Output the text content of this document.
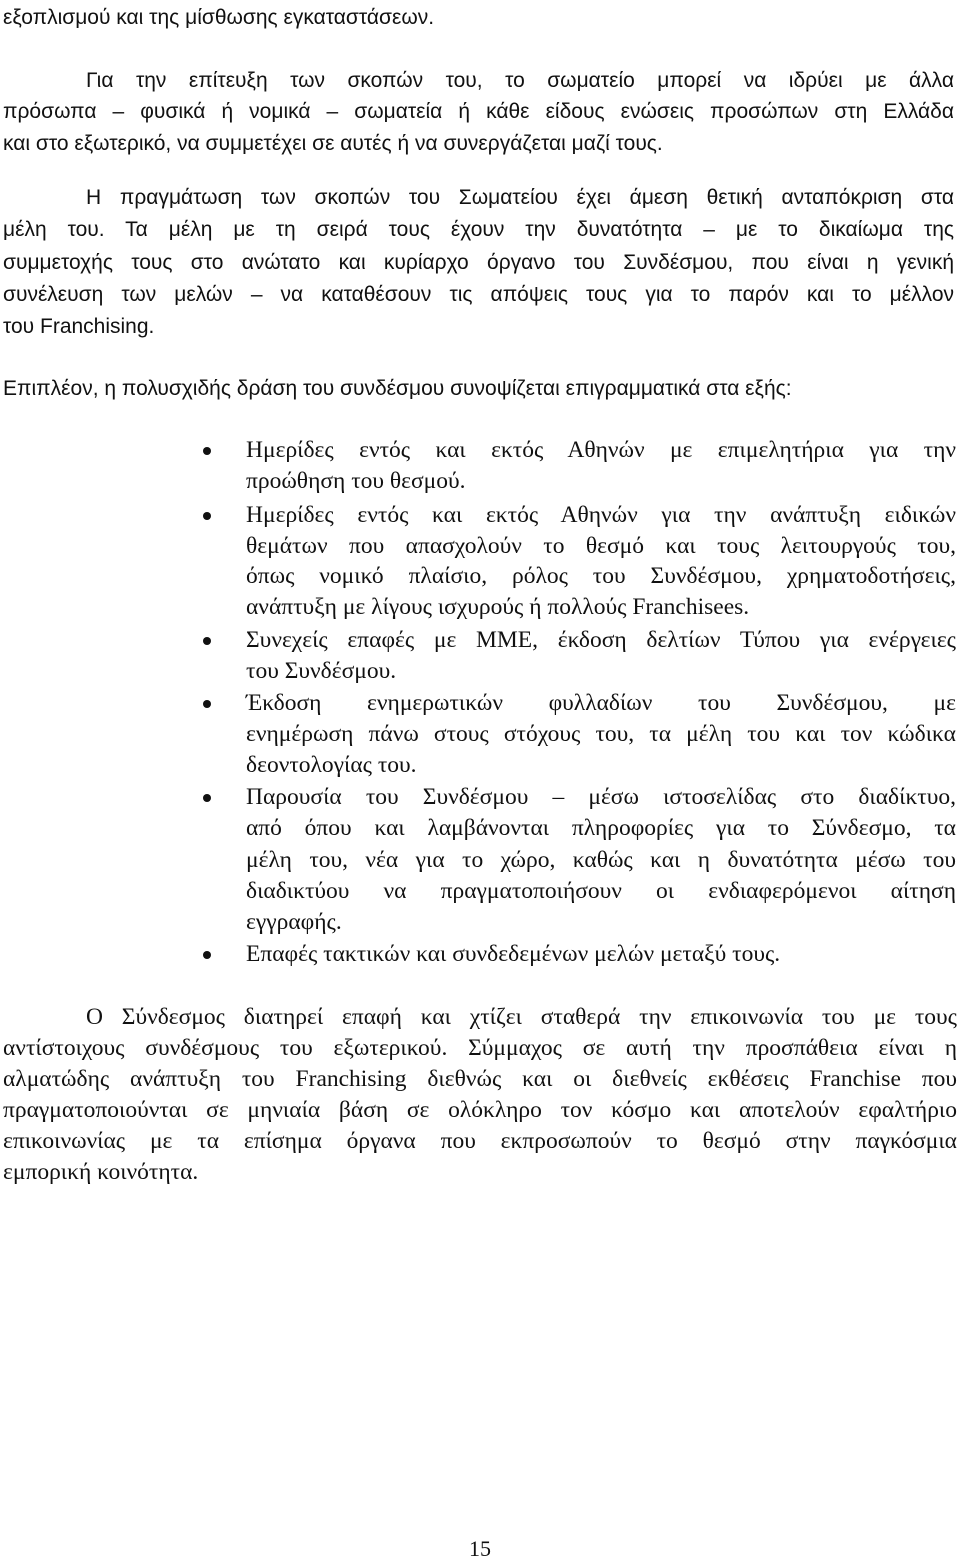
εξοπλισμού και της μίσθωσης εγκαταστάσεων.
Για την επίτευξη των σκοπών του, το σωματείο μπορεί να ιδρύει με άλλα
πρόσωπα – φυσικά ή νομικά – σωματεία ή κάθε είδους ενώσεις προσώπων στη Ελλάδα
και στο εξωτερικό, να συμμετέχει σε αυτές ή να συνεργάζεται μαζί τους.
Η πραγμάτωση των σκοπών του Σωματείου έχει άμεση θετική ανταπόκριση στα
μέλη του. Τα μέλη με τη σειρά τους έχουν την δυνατότητα – με το δικαίωμα της
συμμετοχής τους στο ανώτατο και κυρίαρχο όργανο του Συνδέσμου, που είναι η γενική
συνέλευση των μελών – να καταθέσουν τις απόψεις τους για το παρόν και το μέλλον
του Franchising.
Επιπλέον, η πολυσχιδής δράση του συνδέσμου συνοψίζεται επιγραμματικά στα εξής:
Ημερίδες εντός και εκτός Αθηνών με επιμελητήρια για την
προώθηση του θεσμού.
Ημερίδες εντός και εκτός Αθηνών για την ανάπτυξη ειδικών
θεμάτων που απασχολούν το θεσμό και τους λειτουργούς του,
όπως νομικό πλαίσιο, ρόλος του Συνδέσμου, χρηματοδοτήσεις,
ανάπτυξη με λίγους ισχυρούς ή πολλούς Franchisees.
Συνεχείς επαφές με ΜΜΕ, έκδοση δελτίων Τύπου για ενέργειες
του Συνδέσμου.
Έκδοση ενημερωτικών φυλλαδίων του Συνδέσμου, με
ενημέρωση πάνω στους στόχους του, τα μέλη του και τον κώδικα
δεοντολογίας του.
Παρουσία του Συνδέσμου – μέσω ιστοσελίδας στο διαδίκτυο,
από όπου και λαμβάνονται πληροφορίες για το Σύνδεσμο, τα
μέλη του, νέα για το χώρο, καθώς και η δυνατότητα μέσω του
διαδικτύου να πραγματοποιήσουν οι ενδιαφερόμενοι αίτηση
εγγραφής.
Επαφές τακτικών και συνδεδεμένων μελών μεταξύ τους.
Ο Σύνδεσμος διατηρεί επαφή και χτίζει σταθερά την επικοινωνία του με τους
αντίστοιχους συνδέσμους του εξωτερικού. Σύμμαχος σε αυτή την προσπάθεια είναι η
αλματώδης ανάπτυξη του Franchising διεθνώς και οι διεθνείς εκθέσεις Franchise που
πραγματοποιούνται σε μηνιαία βάση σε ολόκληρο τον κόσμο και αποτελούν εφαλτήριο
επικοινωνίας με τα επίσημα όργανα που εκπροσωπούν το θεσμό στην παγκόσμια
εμπορική κοινότητα.
15
